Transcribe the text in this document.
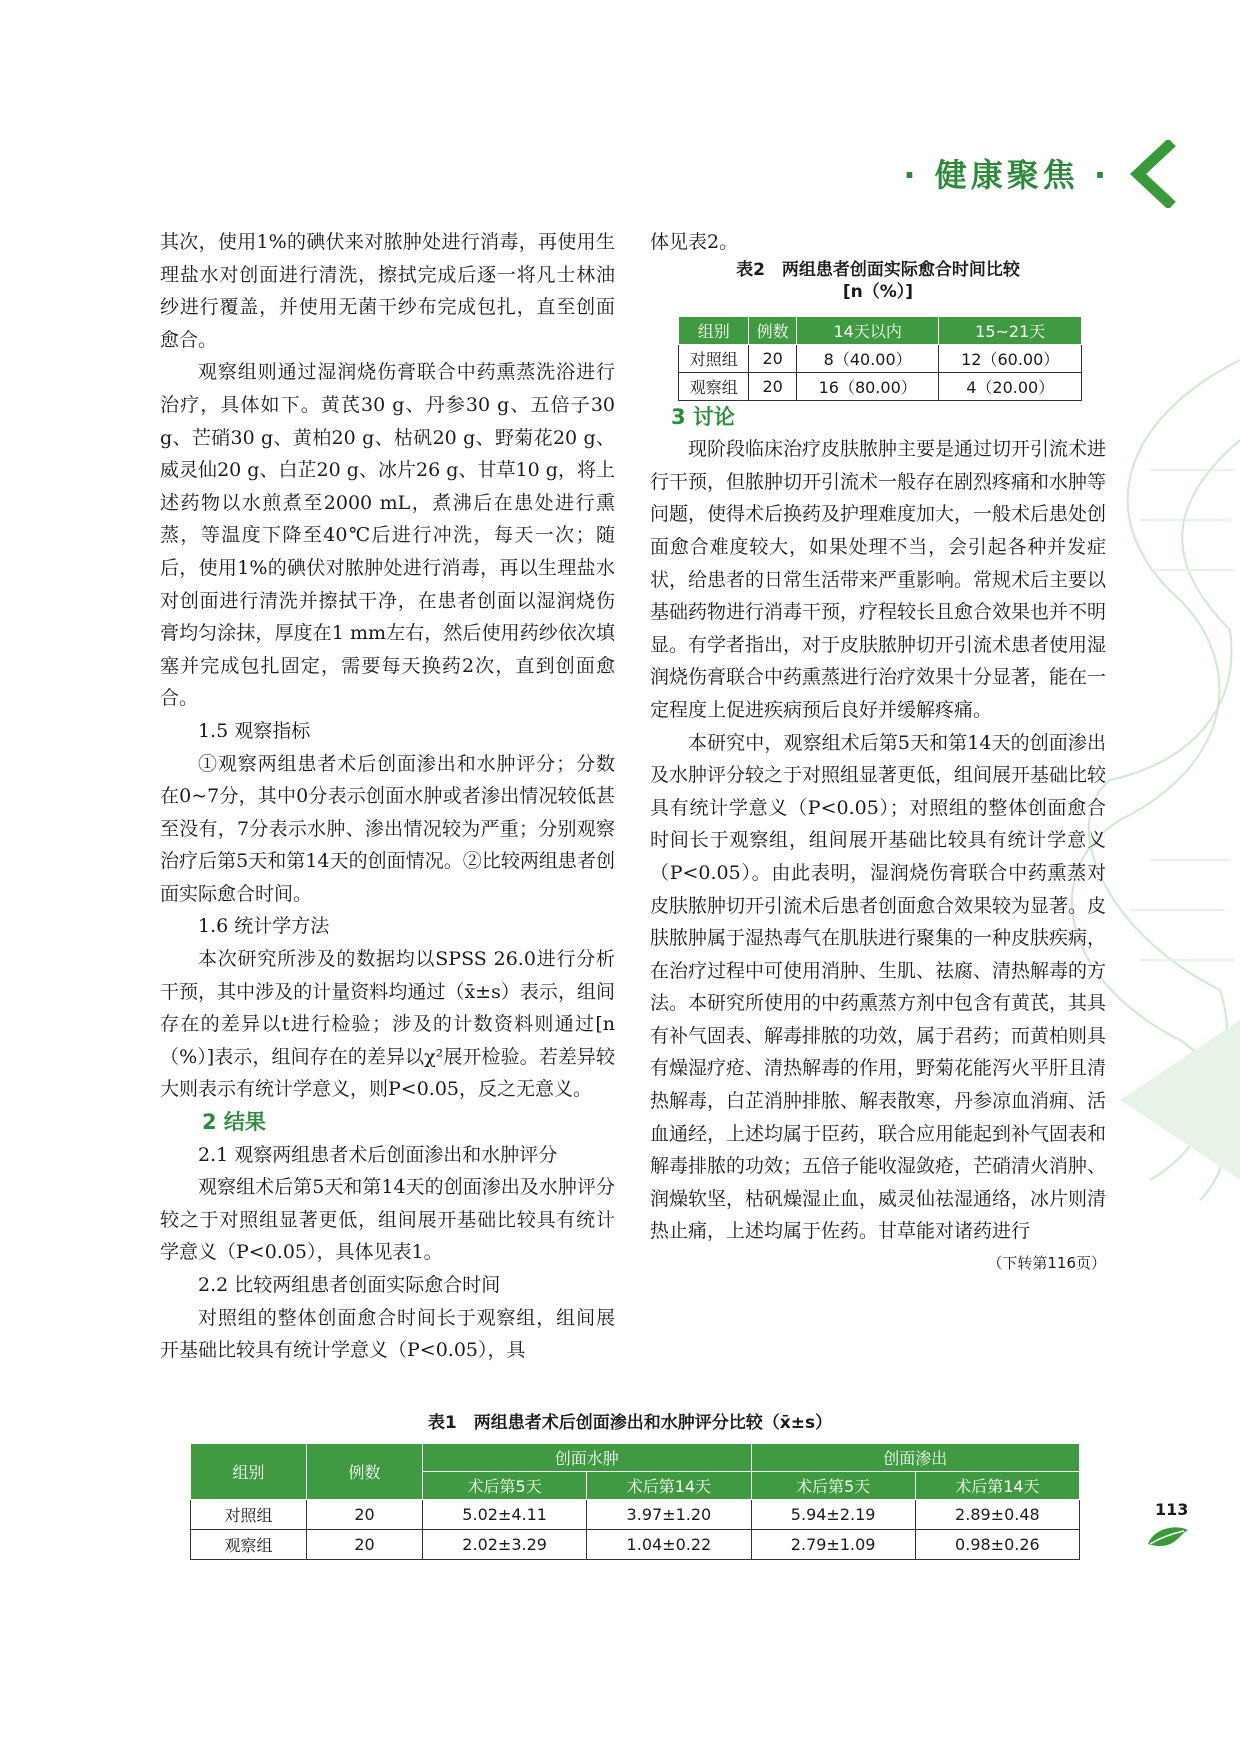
· 健康聚焦 ·

其次，使用1%的碘伏来对脓肿处进行消毒，再使用生理盐水对创面进行清洗，擦拭完成后逐一将凡士林油纱进行覆盖，并使用无菌干纱布完成包扎，直至创面愈合。

观察组则通过湿润烧伤膏联合中药熏蒸洗浴进行治疗，具体如下。黄芪30 g、丹参30 g、五倍子30 g、芒硝30 g、黄柏20 g、枯矾20 g、野菊花20 g、威灵仙20 g、白芷20 g、冰片26 g、甘草10 g，将上述药物以水煎煮至2000 mL，煮沸后在患处进行熏蒸，等温度下降至40℃后进行冲洗，每天一次；随后，使用1%的碘伏对脓肿处进行消毒，再以生理盐水对创面进行清洗并擦拭干净，在患者创面以湿润烧伤膏均匀涂抹，厚度在1 mm左右，然后使用药纱依次填塞并完成包扎固定，需要每天换药2次，直到创面愈合。

1.5 观察指标

①观察两组患者术后创面渗出和水肿评分；分数在0~7分，其中0分表示创面水肿或者渗出情况较低甚至没有，7分表示水肿、渗出情况较为严重；分别观察治疗后第5天和第14天的创面情况。②比较两组患者创面实际愈合时间。

1.6 统计学方法

本次研究所涉及的数据均以SPSS 26.0进行分析干预，其中涉及的计量资料均通过（x̄±s）表示，组间存在的差异以t进行检验；涉及的计数资料则通过[n（%）]表示，组间存在的差异以χ²展开检验。若差异较大则表示有统计学意义，则P<0.05，反之无意义。

2 结果

2.1 观察两组患者术后创面渗出和水肿评分

观察组术后第5天和第14天的创面渗出及水肿评分较之于对照组显著更低，组间展开基础比较具有统计学意义（P<0.05），具体见表1。

2.2 比较两组患者创面实际愈合时间

对照组的整体创面愈合时间长于观察组，组间展开基础比较具有统计学意义（P<0.05），具

体见表2。

表2　两组患者创面实际愈合时间比较
[n（%）]

3 讨论

现阶段临床治疗皮肤脓肿主要是通过切开引流术进行干预，但脓肿切开引流术一般存在剧烈疼痛和水肿等问题，使得术后换药及护理难度加大，一般术后患处创面愈合难度较大，如果处理不当，会引起各种并发症状，给患者的日常生活带来严重影响。常规术后主要以基础药物进行消毒干预，疗程较长且愈合效果也并不明显。有学者指出，对于皮肤脓肿切开引流术患者使用湿润烧伤膏联合中药熏蒸进行治疗效果十分显著，能在一定程度上促进疾病预后良好并缓解疼痛。

本研究中，观察组术后第5天和第14天的创面渗出及水肿评分较之于对照组显著更低，组间展开基础比较具有统计学意义（P<0.05）；对照组的整体创面愈合时间长于观察组，组间展开基础比较具有统计学意义（P<0.05）。由此表明，湿润烧伤膏联合中药熏蒸对皮肤脓肿切开引流术后患者创面愈合效果较为显著。皮肤脓肿属于湿热毒气在肌肤进行聚集的一种皮肤疾病，在治疗过程中可使用消肿、生肌、祛腐、清热解毒的方法。本研究所使用的中药熏蒸方剂中包含有黄芪，其具有补气固表、解毒排脓的功效，属于君药；而黄柏则具有燥湿疗疮、清热解毒的作用，野菊花能泻火平肝且清热解毒，白芷消肿排脓、解表散寒，丹参凉血消痈、活血通经，上述均属于臣药，联合应用能起到补气固表和解毒排脓的功效；五倍子能收湿敛疮，芒硝清火消肿、润燥软坚，枯矾燥湿止血，威灵仙祛湿通络，冰片则清热止痛，上述均属于佐药。甘草能对诸药进行

（下转第116页）
组别	例数	14天以内	15~21天
对照组	20	8（40.00）	12（60.00）
观察组	20	16（80.00）	4（20.00）
表1　两组患者术后创面渗出和水肿评分比较（x̄±s）
组别	例数	创面水肿		创面渗出	
		术后第5天	术后第14天	术后第5天	术后第14天
对照组	20	5.02±4.11	3.97±1.20	5.94±2.19	2.89±0.48
观察组	20	2.02±3.29	1.04±0.22	2.79±1.09	0.98±0.26
113
